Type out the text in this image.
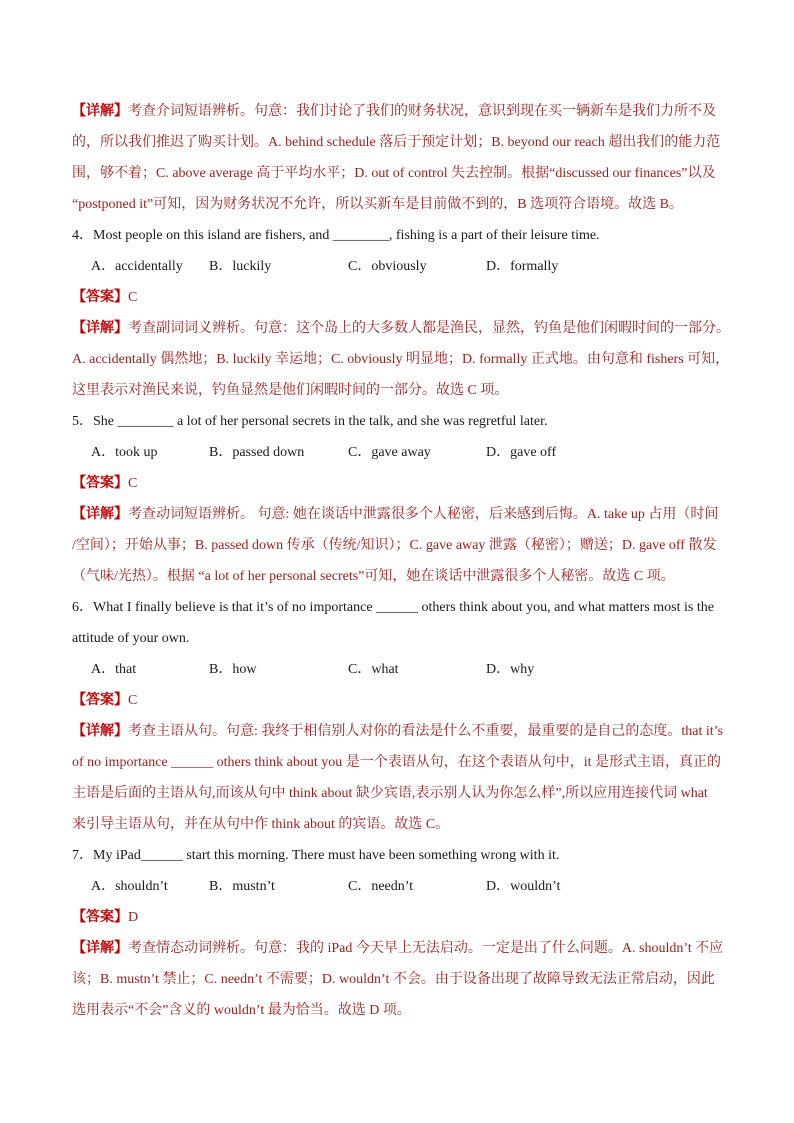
【详解】考查介词短语辨析。句意：我们讨论了我们的财务状况，意识到现在买一辆新车是我们力所不及

的，所以我们推迟了购买计划。A. behind schedule 落后于预定计划；B. beyond our reach 超出我们的能力范

围，够不着；C. above average 高于平均水平；D. out of control 失去控制。根据“discussed our finances”以及

“postponed it”可知，因为财务状况不允许，所以买新车是目前做不到的，B 选项符合语境。故选 B。

4．Most people on this island are fishers, and ________, fishing is a part of their leisure time.

A．accidentally	B．luckily	C．obviously	D．formally

【答案】C

【详解】考查副词词义辨析。句意：这个岛上的大多数人都是渔民，显然，钓鱼是他们闲暇时间的一部分。

A. accidentally 偶然地；B. luckily 幸运地；C. obviously 明显地；D. formally 正式地。由句意和 fishers 可知，

这里表示对渔民来说，钓鱼显然是他们闲暇时间的一部分。故选 C 项。

5．She ________ a lot of her personal secrets in the talk, and she was regretful later.

A．took up	B．passed down	C．gave away	D．gave off

【答案】C

【详解】考查动词短语辨析。 句意: 她在谈话中泄露很多个人秘密，后来感到后悔。A. take up 占用（时间

/空间）；开始从事；B. passed down 传承（传统/知识）；C. gave away 泄露（秘密）；赠送；D. gave off 散发

（气味/光热）。根据 “a lot of her personal secrets”可知，她在谈话中泄露很多个人秘密。故选 C 项。

6．What I finally believe is that it’s of no importance ______ others think about you, and what matters most is the

attitude of your own.

A．that	B．how	C．what	D．why

【答案】C

【详解】考查主语从句。句意: 我终于相信别人对你的看法是什么不重要，最重要的是自己的态度。that it’s

of no importance ______ others think about you 是一个表语从句，在这个表语从句中，it 是形式主语，真正的

主语是后面的主语从句,而该从句中 think about 缺少宾语,表示别人认为你怎么样”,所以应用连接代词 what

来引导主语从句，并在从句中作 think about 的宾语。故选 C。

7．My iPad______ start this morning. There must have been something wrong with it.

A．shouldn’t	B．mustn’t	C．needn’t	D．wouldn’t

【答案】D

【详解】考查情态动词辨析。句意：我的 iPad 今天早上无法启动。一定是出了什么问题。A. shouldn’t 不应

该；B. mustn’t 禁止；C. needn’t 不需要；D. wouldn’t 不会。由于设备出现了故障导致无法正常启动，因此

选用表示“不会”含义的 wouldn’t 最为恰当。故选 D 项。
